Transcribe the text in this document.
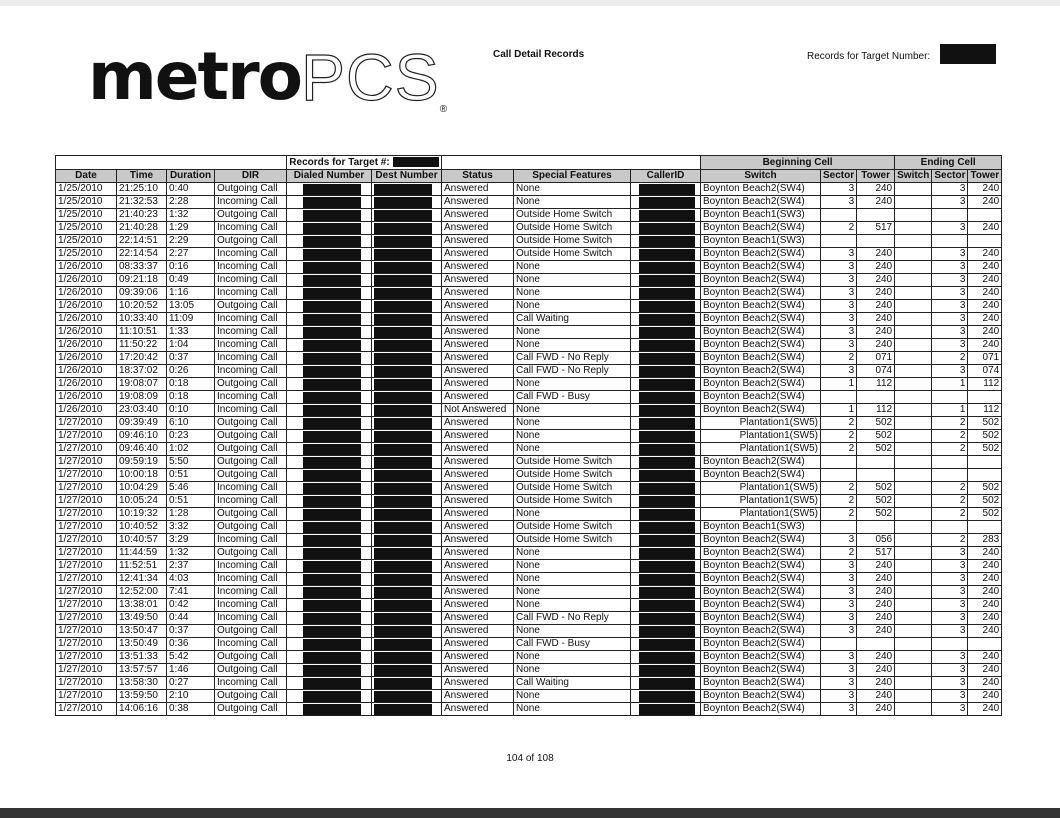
metroPCS®
Call Detail Records	Records for Target Number:
				Records for Target #:					Beginning Cell			Ending Cell		
Date	Time	Duration	DIR	Dialed Number	Dest Number	Status	Special Features	CallerID	Switch	Sector	Tower	Switch	Sector	Tower
1/25/2010	21:25:10	0:40	Outgoing Call			Answered	None		Boynton Beach2(SW4)	3	240		3	240
1/25/2010	21:32:53	2:28	Incoming Call			Answered	None		Boynton Beach2(SW4)	3	240		3	240
1/25/2010	21:40:23	1:32	Outgoing Call			Answered	Outside Home Switch		Boynton Beach1(SW3)					
1/25/2010	21:40:28	1:29	Incoming Call			Answered	Outside Home Switch		Boynton Beach2(SW4)	2	517		3	240
1/25/2010	22:14:51	2:29	Outgoing Call			Answered	Outside Home Switch		Boynton Beach1(SW3)					
1/25/2010	22:14:54	2:27	Incoming Call			Answered	Outside Home Switch		Boynton Beach2(SW4)	3	240		3	240
1/26/2010	08:33:37	0:16	Incoming Call			Answered	None		Boynton Beach2(SW4)	3	240		3	240
1/26/2010	09:21:18	0:49	Incoming Call			Answered	None		Boynton Beach2(SW4)	3	240		3	240
1/26/2010	09:39:06	1:16	Incoming Call			Answered	None		Boynton Beach2(SW4)	3	240		3	240
1/26/2010	10:20:52	13:05	Outgoing Call			Answered	None		Boynton Beach2(SW4)	3	240		3	240
1/26/2010	10:33:40	11:09	Incoming Call			Answered	Call Waiting		Boynton Beach2(SW4)	3	240		3	240
1/26/2010	11:10:51	1:33	Incoming Call			Answered	None		Boynton Beach2(SW4)	3	240		3	240
1/26/2010	11:50:22	1:04	Incoming Call			Answered	None		Boynton Beach2(SW4)	3	240		3	240
1/26/2010	17:20:42	0:37	Incoming Call			Answered	Call FWD - No Reply		Boynton Beach2(SW4)	2	071		2	071
1/26/2010	18:37:02	0:26	Incoming Call			Answered	Call FWD - No Reply		Boynton Beach2(SW4)	3	074		3	074
1/26/2010	19:08:07	0:18	Outgoing Call			Answered	None		Boynton Beach2(SW4)	1	112		1	112
1/26/2010	19:08:09	0:18	Incoming Call			Answered	Call FWD - Busy		Boynton Beach2(SW4)					
1/26/2010	23:03:40	0:10	Incoming Call			Not Answered	None		Boynton Beach2(SW4)	1	112		1	112
1/27/2010	09:39:49	6:10	Outgoing Call			Answered	None		Plantation1(SW5)	2	502		2	502
1/27/2010	09:46:10	0:23	Outgoing Call			Answered	None		Plantation1(SW5)	2	502		2	502
1/27/2010	09:46:40	1:02	Outgoing Call			Answered	None		Plantation1(SW5)	2	502		2	502
1/27/2010	09:59:19	5:50	Outgoing Call			Answered	Outside Home Switch		Boynton Beach2(SW4)					
1/27/2010	10:00:18	0:51	Outgoing Call			Answered	Outside Home Switch		Boynton Beach2(SW4)					
1/27/2010	10:04:29	5:46	Incoming Call			Answered	Outside Home Switch		Plantation1(SW5)	2	502		2	502
1/27/2010	10:05:24	0:51	Incoming Call			Answered	Outside Home Switch		Plantation1(SW5)	2	502		2	502
1/27/2010	10:19:32	1:28	Outgoing Call			Answered	None		Plantation1(SW5)	2	502		2	502
1/27/2010	10:40:52	3:32	Outgoing Call			Answered	Outside Home Switch		Boynton Beach1(SW3)					
1/27/2010	10:40:57	3:29	Incoming Call			Answered	Outside Home Switch		Boynton Beach2(SW4)	3	056		2	283
1/27/2010	11:44:59	1:32	Outgoing Call			Answered	None		Boynton Beach2(SW4)	2	517		3	240
1/27/2010	11:52:51	2:37	Incoming Call			Answered	None		Boynton Beach2(SW4)	3	240		3	240
1/27/2010	12:41:34	4:03	Incoming Call			Answered	None		Boynton Beach2(SW4)	3	240		3	240
1/27/2010	12:52:00	7:41	Incoming Call			Answered	None		Boynton Beach2(SW4)	3	240		3	240
1/27/2010	13:38:01	0:42	Incoming Call			Answered	None		Boynton Beach2(SW4)	3	240		3	240
1/27/2010	13:49:50	0:44	Incoming Call			Answered	Call FWD - No Reply		Boynton Beach2(SW4)	3	240		3	240
1/27/2010	13:50:47	0:37	Outgoing Call			Answered	None		Boynton Beach2(SW4)	3	240		3	240
1/27/2010	13:50:49	0:36	Incoming Call			Answered	Call FWD - Busy		Boynton Beach2(SW4)					
1/27/2010	13:51:33	5:42	Outgoing Call			Answered	None		Boynton Beach2(SW4)	3	240		3	240
1/27/2010	13:57:57	1:46	Outgoing Call			Answered	None		Boynton Beach2(SW4)	3	240		3	240
1/27/2010	13:58:30	0:27	Incoming Call			Answered	Call Waiting		Boynton Beach2(SW4)	3	240		3	240
1/27/2010	13:59:50	2:10	Outgoing Call			Answered	None		Boynton Beach2(SW4)	3	240		3	240
1/27/2010	14:06:16	0:38	Outgoing Call			Answered	None		Boynton Beach2(SW4)	3	240		3	240
104 of 108
